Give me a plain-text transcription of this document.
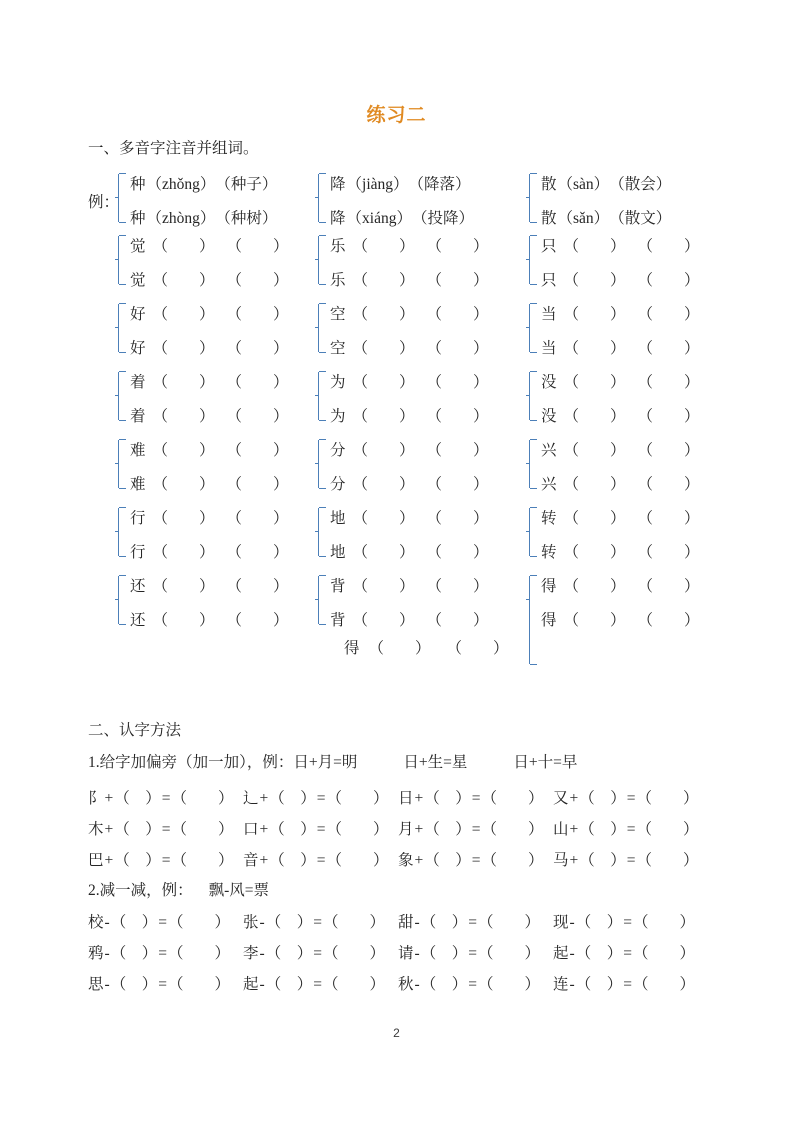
练习二
一、多音字注音并组词。
例：
种（zhǒng）（种子）
种（zhòng）（种树）
觉 （　　） （　　）
觉 （　　） （　　）
好 （　　） （　　）
好 （　　） （　　）
着 （　　） （　　）
着 （　　） （　　）
难 （　　） （　　）
难 （　　） （　　）
行 （　　） （　　）
行 （　　） （　　）
还 （　　） （　　）
还 （　　） （　　）
降（jiàng）（降落）
降（xiáng）（投降）
乐 （　　） （　　）
乐 （　　） （　　）
空 （　　） （　　）
空 （　　） （　　）
为 （　　） （　　）
为 （　　） （　　）
分 （　　） （　　）
分 （　　） （　　）
地 （　　） （　　）
地 （　　） （　　）
背 （　　） （　　）
背 （　　） （　　）
得 （　　） （　　）
散（sàn）（散会）
散（sǎn）（散文）
只 （　　） （　　）
只 （　　） （　　）
当 （　　） （　　）
当 （　　） （　　）
没 （　　） （　　）
没 （　　） （　　）
兴 （　　） （　　）
兴 （　　） （　　）
转 （　　） （　　）
转 （　　） （　　）
得 （　　） （　　）
得 （　　） （　　）
二、认字方法
1.给字加偏旁（加一加），例：日+月=明	日+生=星	日+十=早
2.减一减，例： 飘-风=票
阝+（　）=（　　） 辶+（　）=（　　） 日+（　）=（　　） 又+（　）=（　　）
木+（　）=（　　） 口+（　）=（　　） 月+（　）=（　　） 山+（　）=（　　）
巴+（　）=（　　） 音+（　）=（　　） 象+（　）=（　　） 马+（　）=（　　）
校-（　）=（　　） 张-（　）=（　　） 甜-（　）=（　　） 现-（　）=（　　）
鸦-（　）=（　　） 李-（　）=（　　） 请-（　）=（　　） 起-（　）=（　　）
思-（　）=（　　） 起-（　）=（　　） 秋-（　）=（　　） 连-（　）=（　　）
2
